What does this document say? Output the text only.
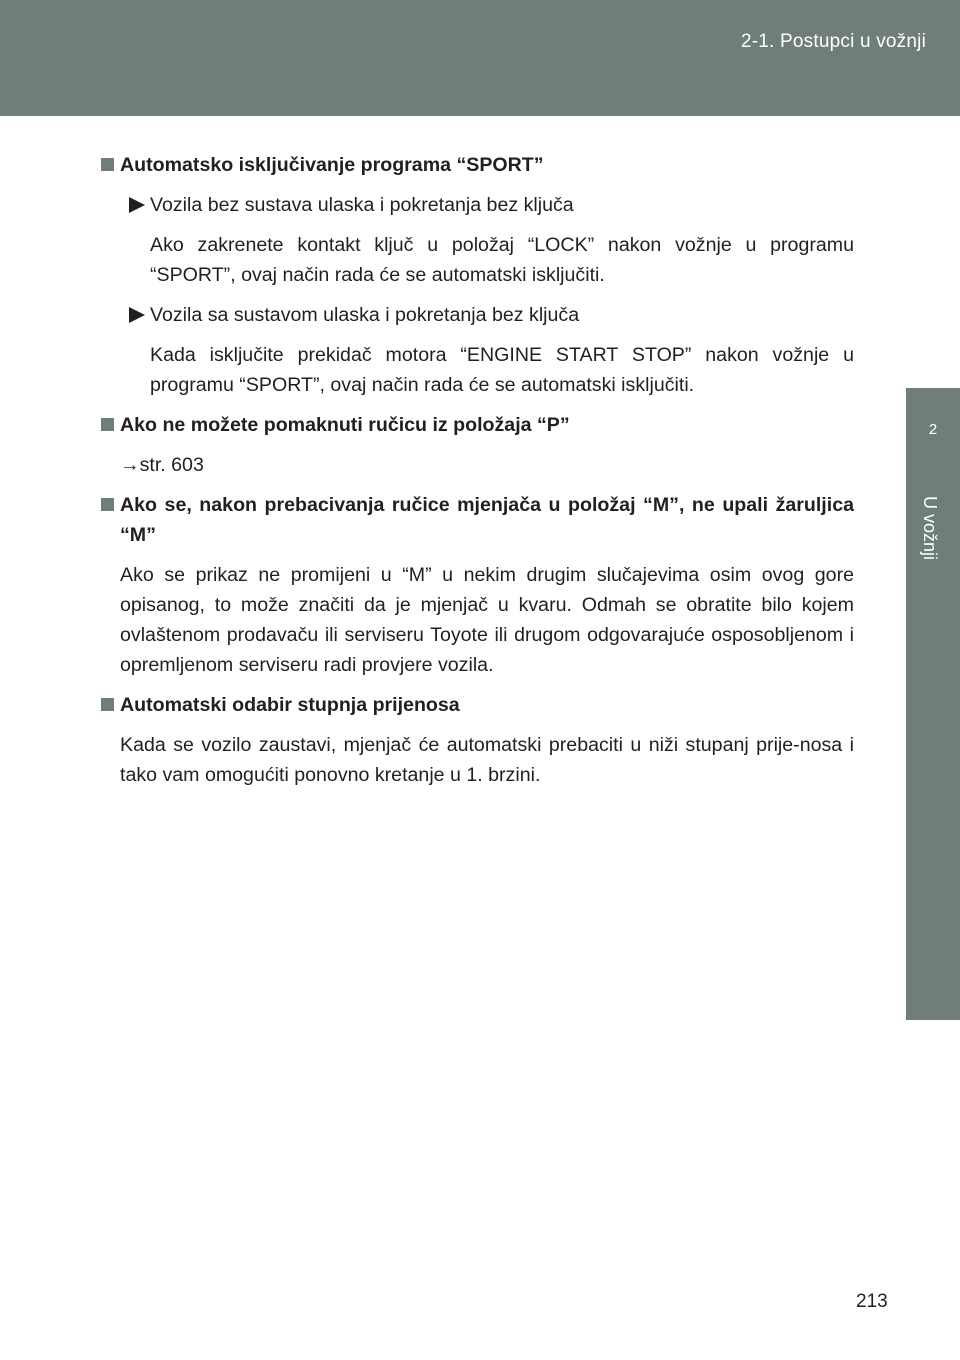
2-1. Postupci u vožnji
2
U vožnji
Automatsko isključivanje programa “SPORT”
Vozila bez sustava ulaska i pokretanja bez ključa
Ako zakrenete kontakt ključ u položaj “LOCK” nakon vožnje u programu “SPORT”, ovaj način rada će se automatski isključiti.
Vozila sa sustavom ulaska i pokretanja bez ključa
Kada isključite prekidač motora “ENGINE START STOP” nakon vožnje u programu “SPORT”, ovaj način rada će se automatski isključiti.
Ako ne možete pomaknuti ručicu iz položaja “P”
→str. 603
Ako se, nakon prebacivanja ručice mjenjača u položaj “M”, ne upali žaruljica “M”
Ako se prikaz ne promijeni u “M” u nekim drugim slučajevima osim ovog gore opisanog, to može značiti da je mjenjač u kvaru. Odmah se obratite bilo kojem ovlaštenom prodavaču ili serviseru Toyote ili drugom odgovarajuće osposobljenom i opremljenom serviseru radi provjere vozila.
Automatski odabir stupnja prijenosa
Kada se vozilo zaustavi, mjenjač će automatski prebaciti u niži stupanj prije-nosa i tako vam omogućiti ponovno kretanje u 1. brzini.
213
